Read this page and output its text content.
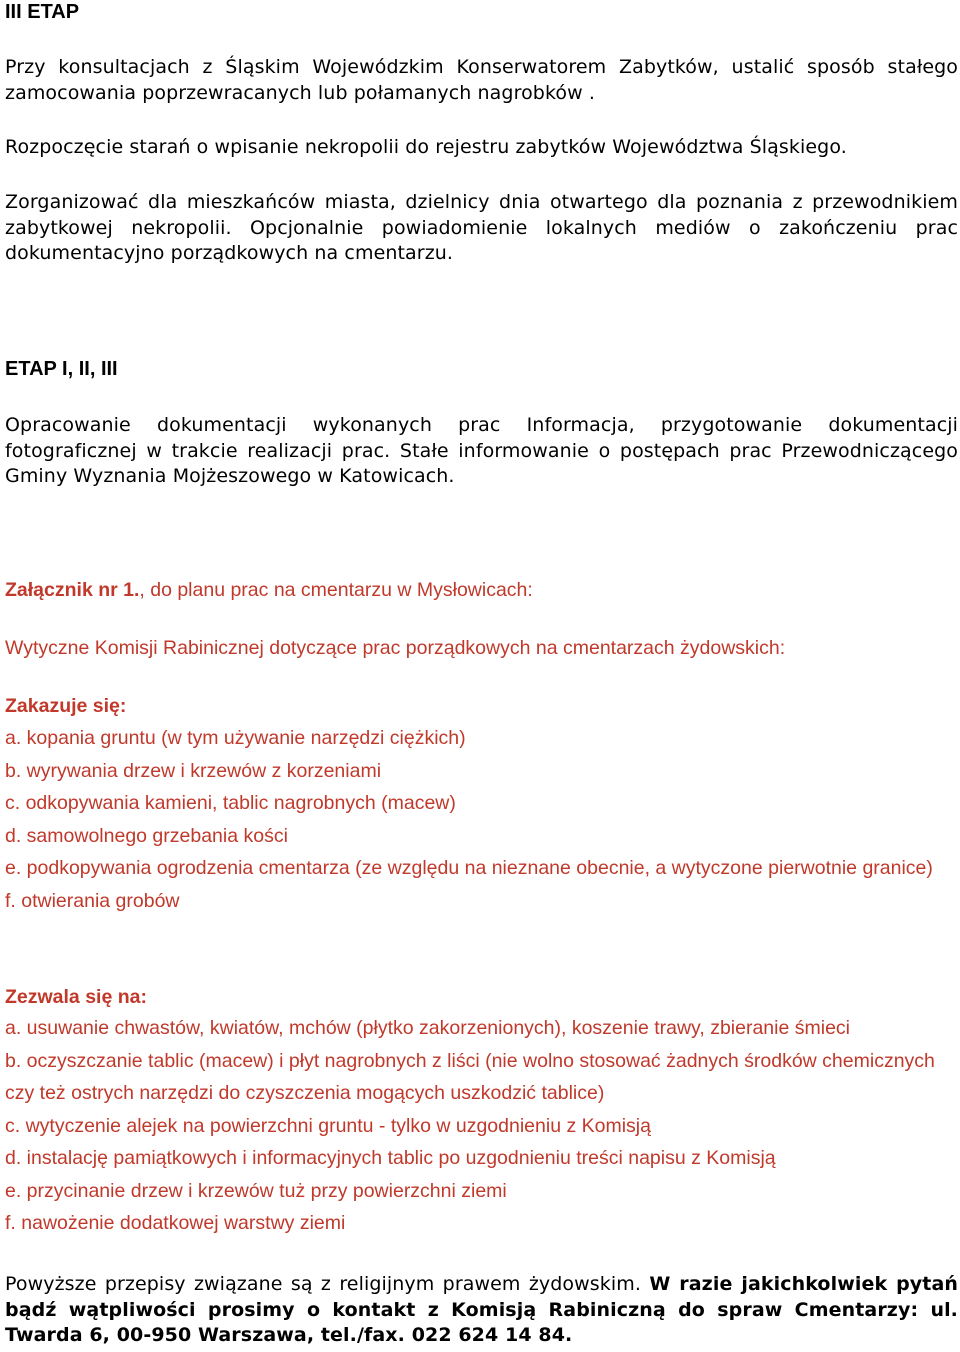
III ETAP

Przy konsultacjach z Śląskim Wojewódzkim Konserwatorem Zabytków, ustalić sposób stałego zamocowania poprzewracanych lub połamanych nagrobków .

Rozpoczęcie starań o wpisanie nekropolii do rejestru zabytków Województwa Śląskiego.

Zorganizować dla mieszkańców miasta, dzielnicy dnia otwartego dla poznania z przewodnikiem zabytkowej nekropolii. Opcjonalnie powiadomienie lokalnych mediów o zakończeniu prac dokumentacyjno porządkowych na cmentarzu.

ETAP I, II, III

Opracowanie dokumentacji wykonanych prac Informacja, przygotowanie dokumentacji fotograficznej w trakcie realizacji prac. Stałe informowanie o postępach prac Przewodniczącego Gminy Wyznania Mojżeszowego w Katowicach.

Załącznik nr 1., do planu prac na cmentarzu w Mysłowicach:

Wytyczne Komisji Rabinicznej dotyczące prac porządkowych na cmentarzach żydowskich:

Zakazuje się:

a. kopania gruntu (w tym używanie narzędzi ciężkich)

b. wyrywania drzew i krzewów z korzeniami

c. odkopywania kamieni, tablic nagrobnych (macew)

d. samowolnego grzebania kości

e. podkopywania ogrodzenia cmentarza (ze względu na nieznane obecnie, a wytyczone pierwotnie granice)

f. otwierania grobów

Zezwala się na:

a. usuwanie chwastów, kwiatów, mchów (płytko zakorzenionych), koszenie trawy, zbieranie śmieci

b. oczyszczanie tablic (macew) i płyt nagrobnych z liści (nie wolno stosować żadnych środków chemicznych czy też ostrych narzędzi do czyszczenia mogących uszkodzić tablice)

c. wytyczenie alejek na powierzchni gruntu - tylko w uzgodnieniu z Komisją

d. instalację pamiątkowych i informacyjnych tablic po uzgodnieniu treści napisu z Komisją

e. przycinanie drzew i krzewów tuż przy powierzchni ziemi

f. nawożenie dodatkowej warstwy ziemi

Powyższe przepisy związane są z religijnym prawem żydowskim. W razie jakichkolwiek pytań bądź wątpliwości prosimy o kontakt z Komisją Rabiniczną do spraw Cmentarzy: ul. Twarda 6, 00-950 Warszawa, tel./fax. 022 624 14 84.
